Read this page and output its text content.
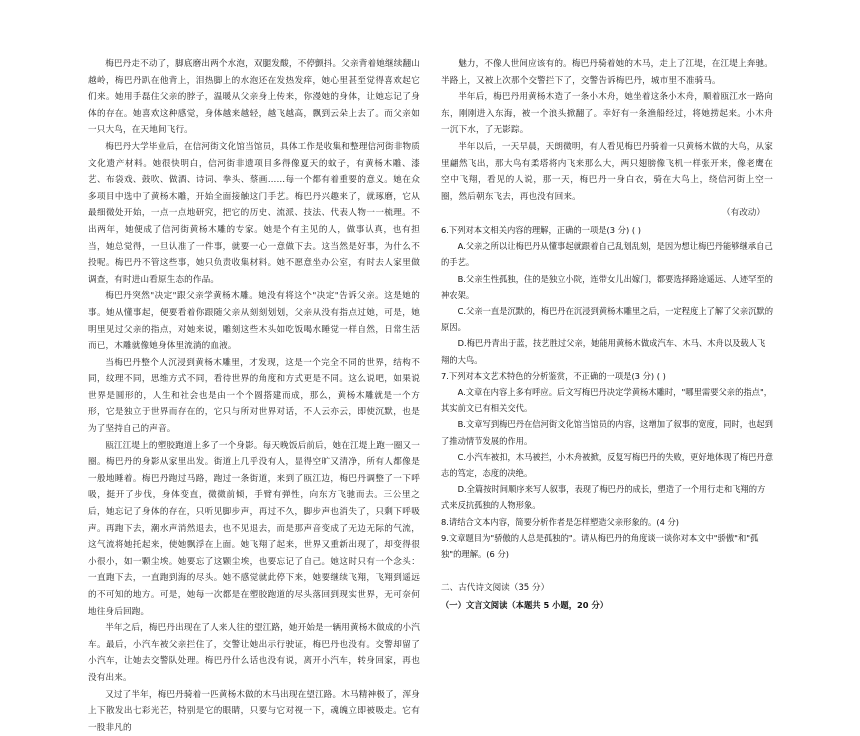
梅巴丹走不动了，脚底磨出两个水泡，双腿发酸，不停颤抖。父亲背着她继续翻山越岭，梅巴丹趴在他背上，泪热脚上的水泡还在发热发痒，她心里甚至觉得喜欢起它们来。她用手磊住父亲的脖子，温暖从父亲身上传来，你漫她的身体，让她忘记了身体的存在。她喜欢这种感觉，身体越来越轻，越飞越高，飘到云朵上去了。而父亲如一只大鸟，在天地间飞行。

梅巴丹大学毕业后，在信河街文化馆当馆员，具体工作是收集和整理信河街非物质文化遗产材料。她很快明白，信河街非遗项目多得像夏天的蚊子，有黄杨木雕、漆艺、布袋戏、鼓吹、做酒、诗词、拳头、蔡画……每一个都有着重要的意义。她在众多项目中选中了黄杨木雕，开始全面接触这门手艺。梅巴丹兴趣来了，就琢磨，它从最细微处开始，一点一点地研究，把它的历史、流派、技法、代表人物一一梳理。不出两年，她便成了信河街黄杨木雕的专家。她是个有主见的人，做事认真，也有担当，她总觉得，一旦认准了一件事，就要一心一意做下去。这当然是好事，为什么不投呢。梅巴丹不管这些事，她只负责收集材料。她不愿意坐办公室，有时去人家里做调查，有时进山看原生态的作品。

梅巴丹突然"决定"跟父亲学黄杨木雕。她没有将这个"决定"告诉父亲。这是她的事。她从懂事起，便要看着你跟随父亲从刻刻划划，父亲从没有指点过她，可是，她明里见过父亲的指点，对她来说，雕刻这些木头如吃饭喝水睡觉一样自然，日常生活而已，木雕就像她身体里流淌的血液。

当梅巴丹整个人沉浸到黄杨木雕里，才发现，这是一个完全不同的世界，结构不同，纹理不同，思维方式不同，看待世界的角度和方式更是不同。这么说吧，如果说世界是圆形的，人生和社会也是由一个个圆搭建而成，那么，黄杨木雕就是一个方形，它是独立于世界而存在的，它只与所对世界对话，不人云亦云，即使沉默，也是为了坚持自己的声音。

瓯江江堤上的塑胶跑道上多了一个身影。每天晚饭后前后，她在江堤上跑一圈又一圈。梅巴丹的身影从家里出发。街道上几乎没有人，显得空旷又清净，所有人都像是一般地睡着。梅巴丹跑过马路，跑过一条街道，来到了瓯江边，梅巴丹调整了一下呼吸，挺开了步伐，身体变直，微微前倾，手臂有弹性，向东方飞驰而去。三公里之后，她忘记了身体的存在，只听见脚步声，再过不久，脚步声也消失了，只剩下呼吸声。再跑下去，潮水声消然退去，也不见退去，而是那声音变成了无边无际的气流，这气流将她托起来，使她飘浮在上面。她飞翔了起来，世界又重新出现了，却变得很小很小，如一颗尘埃。她要忘了这颗尘埃，也要忘记了自己。她这时只有一个念头：一直跑下去，一直跑到海的尽头。她不感觉就此停下来，她要继续飞翔，飞翔到遥远的不可知的地方。可是，她每一次都是在塑胶跑道的尽头落回到现实世界，无可奈何地往身后回跑。

半年之后，梅巴丹出现在了人来人往的望江路，她开始是一辆用黄杨木做成的小汽车。最后，小汽车被父亲拦住了，交警让她出示行驶证，梅巴丹也没有。交警却留了小汽车，让她去交警队处理。梅巴丹什么话也没有说，离开小汽车，转身回家，再也没有出来。

又过了半年，梅巴丹骑着一匹黄杨木做的木马出现在望江路。木马精神极了，浑身上下散发出七彩光芒，特别是它的眼睛，只要与它对视一下，魂魄立即被吸走。它有一股非凡的

魅力，不像人世间应该有的。梅巴丹骑着她的木马，走上了江堤，在江堤上奔驰。半路上，又被上次那个交警拦下了，交警告诉梅巴丹，城市里不准骑马。

半年后，梅巴丹用黄杨木造了一条小木舟，她坐着这条小木舟，顺着瓯江水一路向东，刚刚进入东海，被一个浪头掀翻了。幸好有一条渔船经过，将她捞起来。小木舟一沉下水，了无影踪。

半年以后，一天早晨，天朗微明，有人看见梅巴丹骑着一只黄杨木做的大鸟，从家里翩然飞出，那大鸟有柔塔将内飞来那么大，两只翅膀像飞机一样张开来，像老鹰在空中飞翔，看见的人说，那一天，梅巴丹一身白衣，骑在大鸟上，绕信河街上空一圈，然后朝东飞去，再也没有回来。

（有改动）

6.下列对本文相关内容的理解，正确的一项是(3 分) ( )

A.父亲之所以让梅巴丹从懂事起就跟着自己乱划乱刻，是因为想让梅巴丹能够继承自己的手艺。

B.父亲生性孤独，住的是独立小院，连带女儿出嫁门，都要选择路途遥远、人迹罕至的神农架。

C.父亲一直是沉默的，梅巴丹在沉浸到黄杨木雕里之后，一定程度上了解了父亲沉默的原因。

D.梅巴丹青出于蓝，技艺胜过父亲，她能用黄杨木做成汽车、木马、木舟以及载人飞翔的大鸟。

7.下列对本文艺术特色的分析鉴赏，不正确的一项是(3 分) ( )

A.文章在内容上多有呼应。后文写梅巴丹决定学黄杨木雕时，"哪里需要父亲的指点"，其实前文已有相关交代。

B.文章写到梅巴丹在信河街文化馆当馆员的内容，这增加了叙事的宽度，同时，也起到了推动情节发展的作用。

C.小汽车被扣，木马被拦，小木舟被掀，反复写梅巴丹的失败，更好地体现了梅巴丹意志的笃定，态度的决绝。

D.全篇按时间顺序来写人叙事，表现了梅巴丹的成长，塑造了一个用行走和飞翔的方式来反抗孤独的人物形象。

8.请结合文本内容，简要分析作者是怎样塑造父亲形象的。(4 分)

9.文章题目为"骄傲的人总是孤独的"。请从梅巴丹的角度谈一谈你对本文中"骄傲"和"孤独"的理解。(6 分)

二、古代诗文阅读（35 分）

（一）文言文阅读（本题共 5 小题，20 分）
